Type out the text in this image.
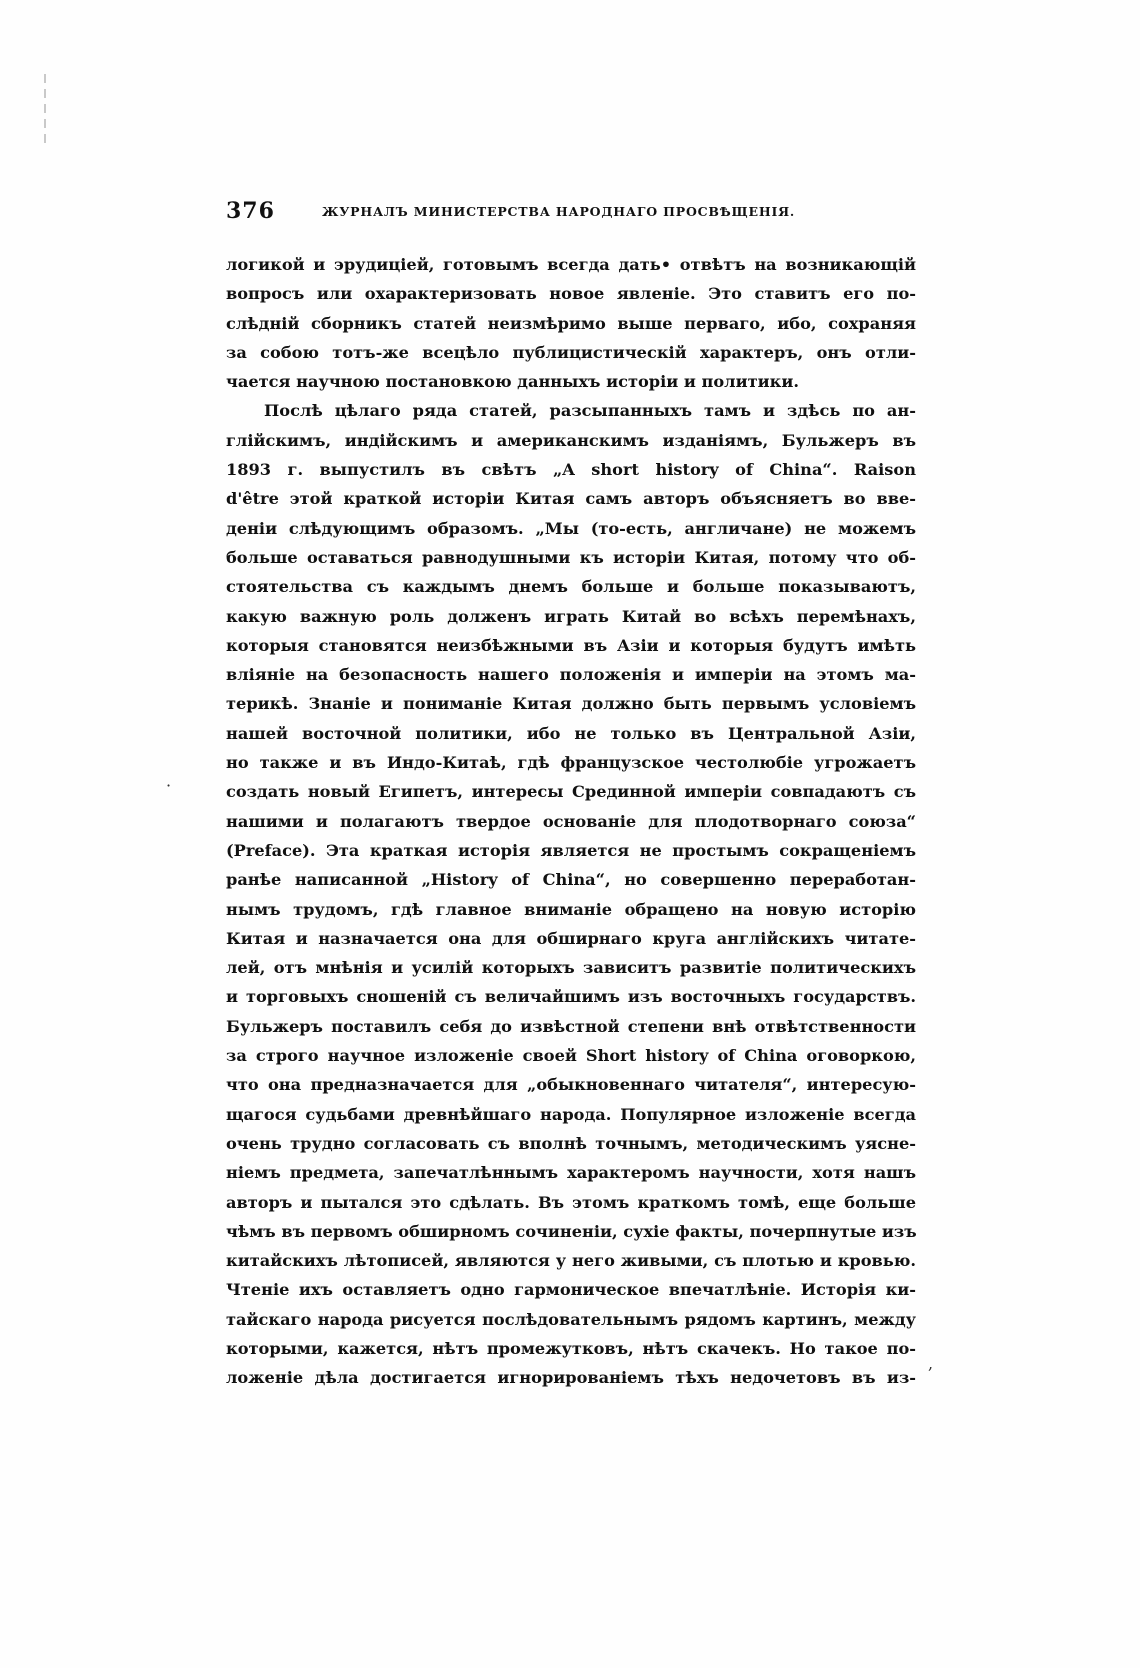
376	ЖУРНАЛЪ МИНИСТЕРСТВА НАРОДНАГО ПРОСВѢЩЕНІЯ.
логикой и эрудиціей, готовымъ всегда дать• отвѣтъ на возникающій
вопросъ или охарактеризовать новое явленіе. Это ставитъ его по-
слѣдній сборникъ статей неизмѣримо выше перваго, ибо, сохраняя
за собою тотъ-же всецѣло публицистическій характеръ, онъ отли-
чается научною постановкою данныхъ исторіи и политики.
Послѣ цѣлаго ряда статей, разсыпанныхъ тамъ и здѣсь по ан-
глійскимъ, индійскимъ и американскимъ изданіямъ, Бульжеръ въ
1893 г. выпустилъ въ свѣтъ „A short history of China“. Raison
d'être этой краткой исторіи Китая самъ авторъ объясняетъ во вве-
деніи слѣдующимъ образомъ. „Мы (то-есть, англичане) не можемъ
больше оставаться равнодушными къ исторіи Китая, потому что об-
стоятельства съ каждымъ днемъ больше и больше показываютъ,
какую важную роль долженъ играть Китай во всѣхъ перемѣнахъ,
которыя становятся неизбѣжными въ Азіи и которыя будутъ имѣть
вліяніе на безопасность нашего положенія и имперіи на этомъ ма-
терикѣ. Знаніе и пониманіе Китая должно быть первымъ условіемъ
нашей восточной политики, ибо не только въ Центральной Азіи,
но также и въ Индо-Китаѣ, гдѣ французское честолюбіе угрожаетъ
создать новый Египетъ, интересы Срединной имперіи совпадаютъ съ
нашими и полагаютъ твердое основаніе для плодотворнаго союза“
(Preface). Эта краткая исторія является не простымъ сокращеніемъ
ранѣе написанной „History of China“, но совершенно переработан-
нымъ трудомъ, гдѣ главное вниманіе обращено на новую исторію
Китая и назначается она для обширнаго круга англійскихъ читате-
лей, отъ мнѣнія и усилій которыхъ зависитъ развитіе политическихъ
и торговыхъ сношеній съ величайшимъ изъ восточныхъ государствъ.
Бульжеръ поставилъ себя до извѣстной степени внѣ отвѣтственности
за строго научное изложеніе своей Short history of China оговоркою,
что она предназначается для „обыкновеннаго читателя“, интересую-
щагося судьбами древнѣйшаго народа. Популярное изложеніе всегда
очень трудно согласовать съ вполнѣ точнымъ, методическимъ уясне-
ніемъ предмета, запечатлѣннымъ характеромъ научности, хотя нашъ
авторъ и пытался это сдѣлать. Въ этомъ краткомъ томѣ, еще больше
чѣмъ въ первомъ обширномъ сочиненіи, сухіе факты, почерпнутые изъ
китайскихъ лѣтописей, являются у него живыми, съ плотью и кровью.
Чтеніе ихъ оставляетъ одно гармоническое впечатлѣніе. Исторія ки-
тайскаго народа рисуется послѣдовательнымъ рядомъ картинъ, между
которыми, кажется, нѣтъ промежутковъ, нѣтъ скачекъ. Но такое по-
ложеніе дѣла достигается игнорированіемъ тѣхъ недочетовъ въ из-
·
,
